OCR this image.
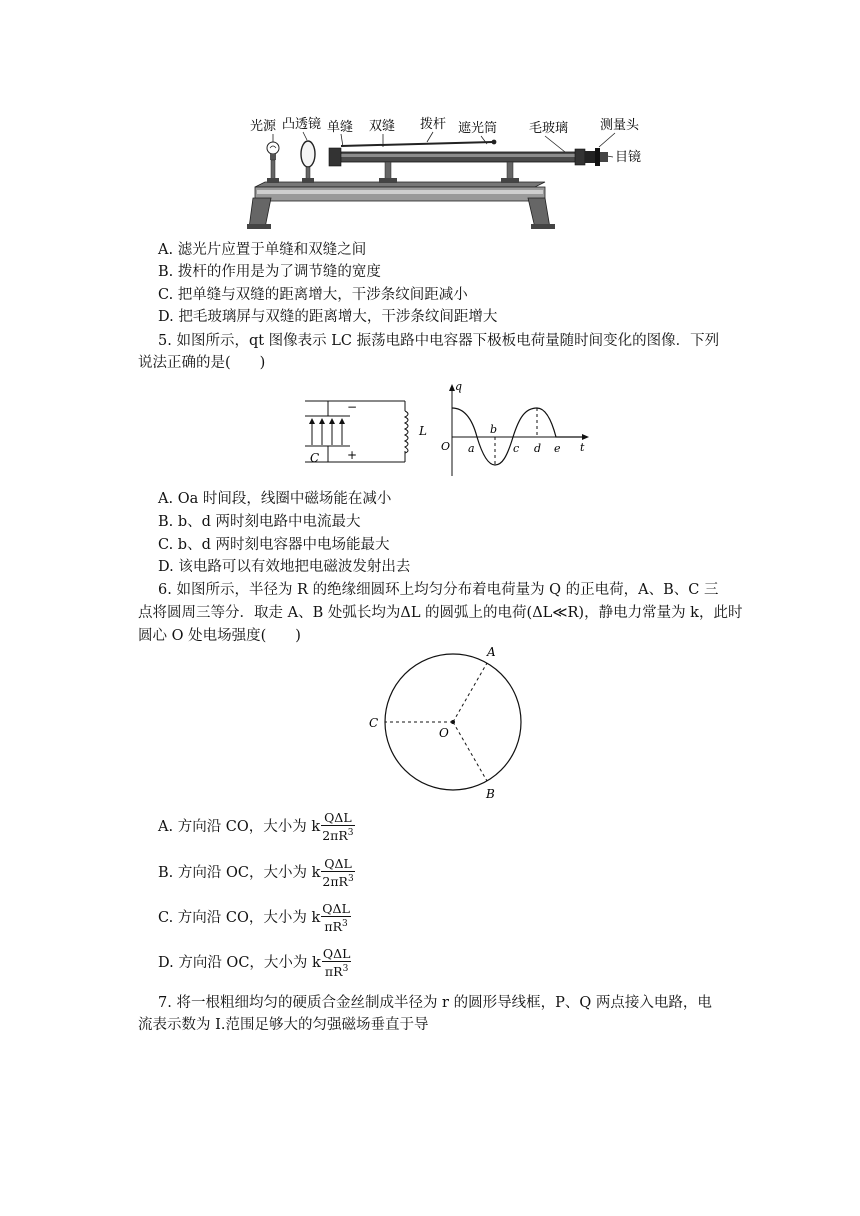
光源 凸透镜 单缝 双缝 拨杆 遮光筒 毛玻璃 测量头
目镜
A. 滤光片应置于单缝和双缝之间
B. 拨杆的作用是为了调节缝的宽度
C. 把单缝与双缝的距离增大，干涉条纹间距减小
D. 把毛玻璃屏与双缝的距离增大，干涉条纹间距增大
5. 如图所示，qt 图像表示 LC 振荡电路中电容器下极板电荷量随时间变化的图像．下列
说法正确的是(　　)
−
+
C
L
q
t
O a
b
c d e
A. Oa 时间段，线圈中磁场能在减小
B. b、d 两时刻电路中电流最大
C. b、d 两时刻电容器中电场能最大
D. 该电路可以有效地把电磁波发射出去
6. 如图所示，半径为 R 的绝缘细圆环上均匀分布着电荷量为 Q 的正电荷，A、B、C 三
点将圆周三等分．取走 A、B 处弧长均为ΔL 的圆弧上的电荷(ΔL≪R)，静电力常量为 k，此时
圆心 O 处电场强度(　　)
A
B
C
O
A. 方向沿 CO，大小为 k $\frac{\text{QΔL}}{2\pi R^3}$
B. 方向沿 OC，大小为 k $\frac{\text{QΔL}}{2\pi R^3}$
C. 方向沿 CO，大小为 k $\frac{\text{QΔL}}{\pi R^3}$
D. 方向沿 OC，大小为 k $\frac{\text{QΔL}}{\pi R^3}$
7. 将一根粗细均匀的硬质合金丝制成半径为 r 的圆形导线框，P、Q 两点接入电路，电
流表示数为 I.范围足够大的匀强磁场垂直于导
